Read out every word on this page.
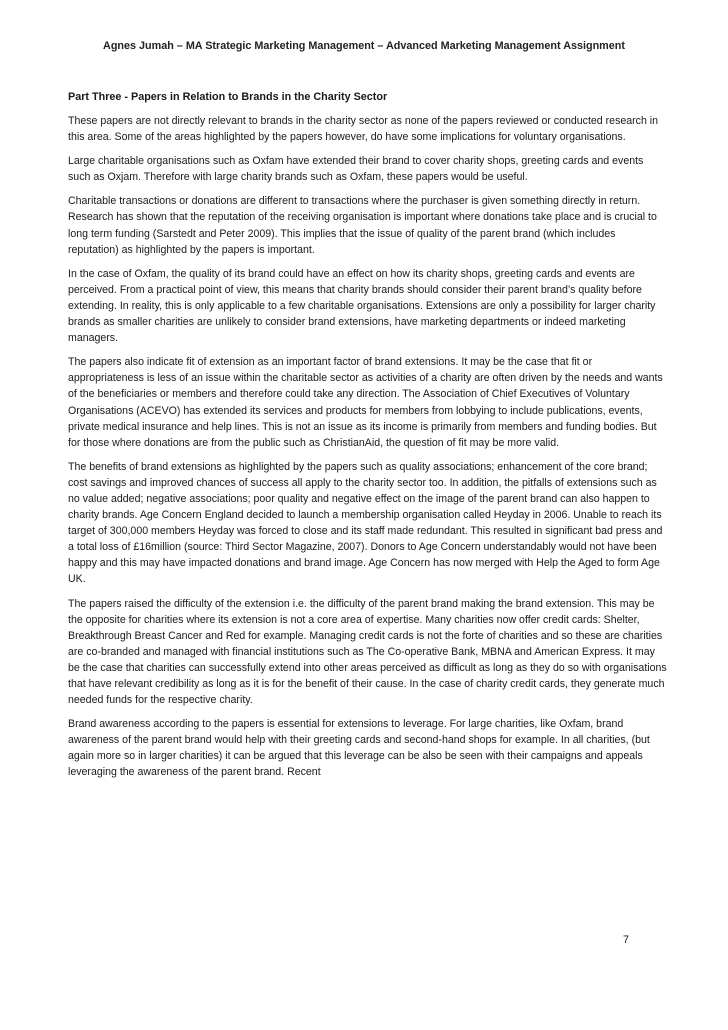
Agnes Jumah – MA Strategic Marketing Management – Advanced Marketing Management Assignment
Part Three - Papers in Relation to Brands in the Charity Sector

These papers are not directly relevant to brands in the charity sector as none of the papers reviewed or conducted research in this area. Some of the areas highlighted by the papers however, do have some implications for voluntary organisations.

Large charitable organisations such as Oxfam have extended their brand to cover charity shops, greeting cards and events such as Oxjam. Therefore with large charity brands such as Oxfam, these papers would be useful.

Charitable transactions or donations are different to transactions where the purchaser is given something directly in return. Research has shown that the reputation of the receiving organisation is important where donations take place and is crucial to long term funding (Sarstedt and Peter 2009). This implies that the issue of quality of the parent brand (which includes reputation) as highlighted by the papers is important.

In the case of Oxfam, the quality of its brand could have an effect on how its charity shops, greeting cards and events are perceived. From a practical point of view, this means that charity brands should consider their parent brand’s quality before extending. In reality, this is only applicable to a few charitable organisations. Extensions are only a possibility for larger charity brands as smaller charities are unlikely to consider brand extensions, have marketing departments or indeed marketing managers.

The papers also indicate fit of extension as an important factor of brand extensions. It may be the case that fit or appropriateness is less of an issue within the charitable sector as activities of a charity are often driven by the needs and wants of the beneficiaries or members and therefore could take any direction. The Association of Chief Executives of Voluntary Organisations (ACEVO) has extended its services and products for members from lobbying to include publications, events, private medical insurance and help lines. This is not an issue as its income is primarily from members and funding bodies. But for those where donations are from the public such as ChristianAid, the question of fit may be more valid.

The benefits of brand extensions as highlighted by the papers such as quality associations; enhancement of the core brand; cost savings and improved chances of success all apply to the charity sector too. In addition, the pitfalls of extensions such as no value added; negative associations; poor quality and negative effect on the image of the parent brand can also happen to charity brands. Age Concern England decided to launch a membership organisation called Heyday in 2006. Unable to reach its target of 300,000 members Heyday was forced to close and its staff made redundant. This resulted in significant bad press and a total loss of £16million (source: Third Sector Magazine, 2007). Donors to Age Concern understandably would not have been happy and this may have impacted donations and brand image. Age Concern has now merged with Help the Aged to form Age UK.

The papers raised the difficulty of the extension i.e. the difficulty of the parent brand making the brand extension. This may be the opposite for charities where its extension is not a core area of expertise. Many charities now offer credit cards: Shelter, Breakthrough Breast Cancer and Red for example. Managing credit cards is not the forte of charities and so these are charities are co-branded and managed with financial institutions such as The Co-operative Bank, MBNA and American Express. It may be the case that charities can successfully extend into other areas perceived as difficult as long as they do so with organisations that have relevant credibility as long as it is for the benefit of their cause. In the case of charity credit cards, they generate much needed funds for the respective charity.

Brand awareness according to the papers is essential for extensions to leverage. For large charities, like Oxfam, brand awareness of the parent brand would help with their greeting cards and second-hand shops for example. In all charities, (but again more so in larger charities) it can be argued that this leverage can be also be seen with their campaigns and appeals leveraging the awareness of the parent brand. Recent

7
